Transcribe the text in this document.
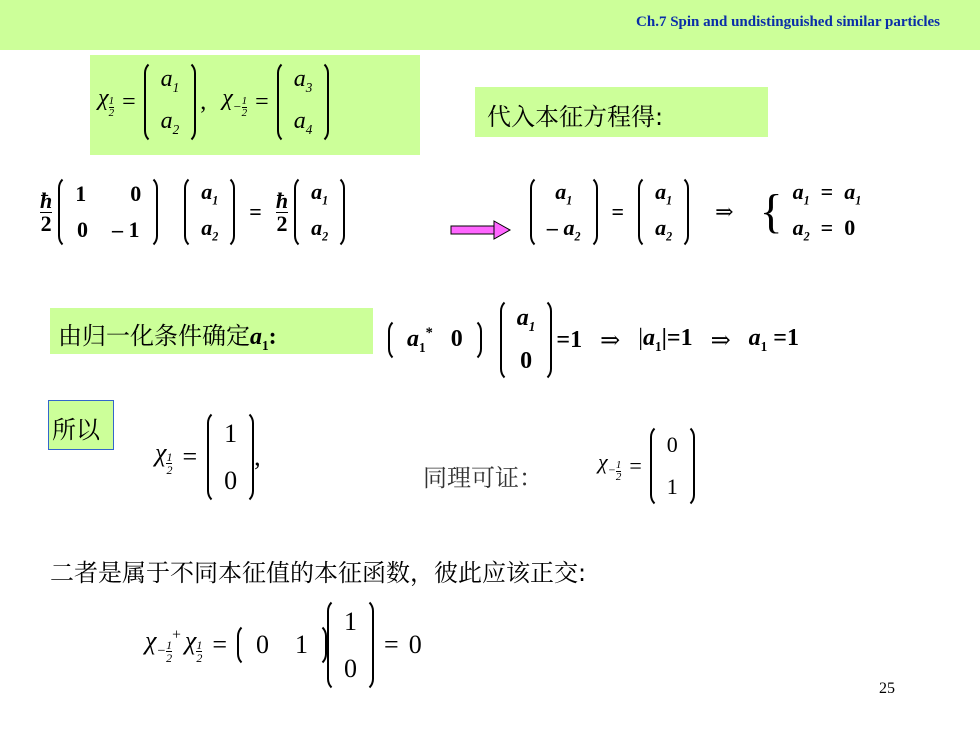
Ch.7 Spin and undistinguished similar particles
χ $_{\frac{1}{2}}$ =
$a_1$
$a_2$
, $\chi_{- \frac{1}{2}}$ =
$a_3$
$a_4$	代入本征方程得:
$\frac{ħ}{2} 1$ 0
0 – 1
$a_1$
$a_2$
= $\frac{ħ}{2} a_1$
$a_2$
$a_1$
– $a_2$
=
$a_1$
$a_2$
⇒ { $a_1 = a_1$
$a_2 = 0$
由归一化条件确定$a_1$:	$a_1^*$ 0
$a_1$
0
=1 ⇒ $|a_1|=1$ ⇒ $a_1 =1$
所以
χ $_{\frac{1}{2}}$ =
1
0
,
同理可证：
$\chi_{- \frac{1}{2}}$ =
0
1
二者是属于不同本征值的本征函数，彼此应该正交:
$\chi_{- \frac{1}{2}}$
+ χ $_{\frac{1}{2}}$ = 0 1
1
0
= 0
25
